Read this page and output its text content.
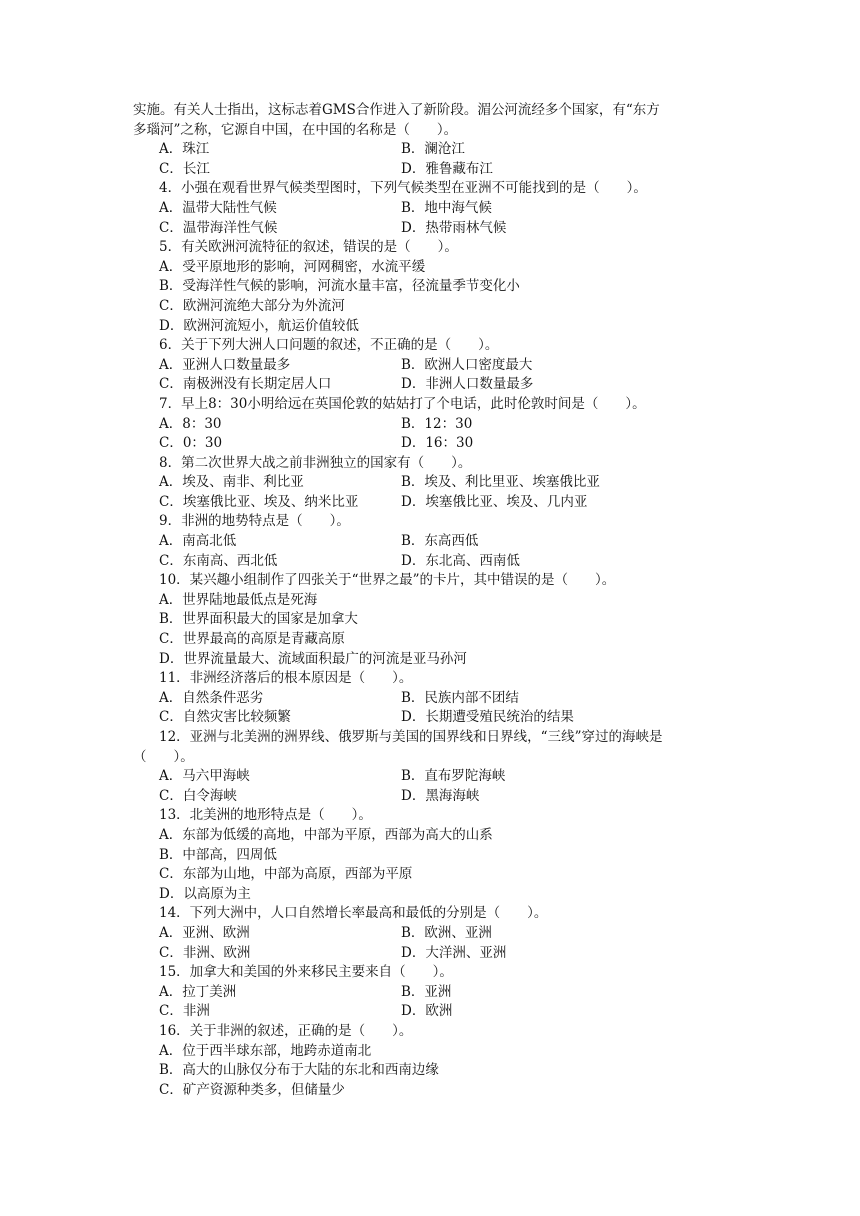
实施。有关人士指出，这标志着GMS合作进入了新阶段。湄公河流经多个国家，有“东方
多瑙河”之称，它源自中国，在中国的名称是（　　）。
A．珠江	B．澜沧江
C．长江	D．雅鲁藏布江
4．小强在观看世界气候类型图时，下列气候类型在亚洲不可能找到的是（　　）。
A．温带大陆性气候	B．地中海气候
C．温带海洋性气候	D．热带雨林气候
5．有关欧洲河流特征的叙述，错误的是（　　）。
A．受平原地形的影响，河网稠密，水流平缓
B．受海洋性气候的影响，河流水量丰富，径流量季节变化小
C．欧洲河流绝大部分为外流河
D．欧洲河流短小，航运价值较低
6．关于下列大洲人口问题的叙述，不正确的是（　　）。
A．亚洲人口数量最多	B．欧洲人口密度最大
C．南极洲没有长期定居人口	D．非洲人口数量最多
7．早上8：30小明给远在英国伦敦的姑姑打了个电话，此时伦敦时间是（　　）。
A．8：30	B．12：30
C．0：30	D．16：30
8．第二次世界大战之前非洲独立的国家有（　　）。
A．埃及、南非、利比亚	B．埃及、利比里亚、埃塞俄比亚
C．埃塞俄比亚、埃及、纳米比亚	D．埃塞俄比亚、埃及、几内亚
9．非洲的地势特点是（　　）。
A．南高北低	B．东高西低
C．东南高、西北低	D．东北高、西南低
10．某兴趣小组制作了四张关于“世界之最”的卡片，其中错误的是（　　）。
A．世界陆地最低点是死海
B．世界面积最大的国家是加拿大
C．世界最高的高原是青藏高原
D．世界流量最大、流域面积最广的河流是亚马孙河
11．非洲经济落后的根本原因是（　　）。
A．自然条件恶劣	B．民族内部不团结
C．自然灾害比较频繁	D．长期遭受殖民统治的结果
12．亚洲与北美洲的洲界线、俄罗斯与美国的国界线和日界线，“三线”穿过的海峡是
（　　）。
A．马六甲海峡	B．直布罗陀海峡
C．白令海峡	D．黑海海峡
13．北美洲的地形特点是（　　）。
A．东部为低缓的高地，中部为平原，西部为高大的山系
B．中部高，四周低
C．东部为山地，中部为高原，西部为平原
D．以高原为主
14．下列大洲中，人口自然增长率最高和最低的分别是（　　）。
A．亚洲、欧洲	B．欧洲、亚洲
C．非洲、欧洲	D．大洋洲、亚洲
15．加拿大和美国的外来移民主要来自（　　）。
A．拉丁美洲	B．亚洲
C．非洲	D．欧洲
16．关于非洲的叙述，正确的是（　　）。
A．位于西半球东部，地跨赤道南北
B．高大的山脉仅分布于大陆的东北和西南边缘
C．矿产资源种类多，但储量少
